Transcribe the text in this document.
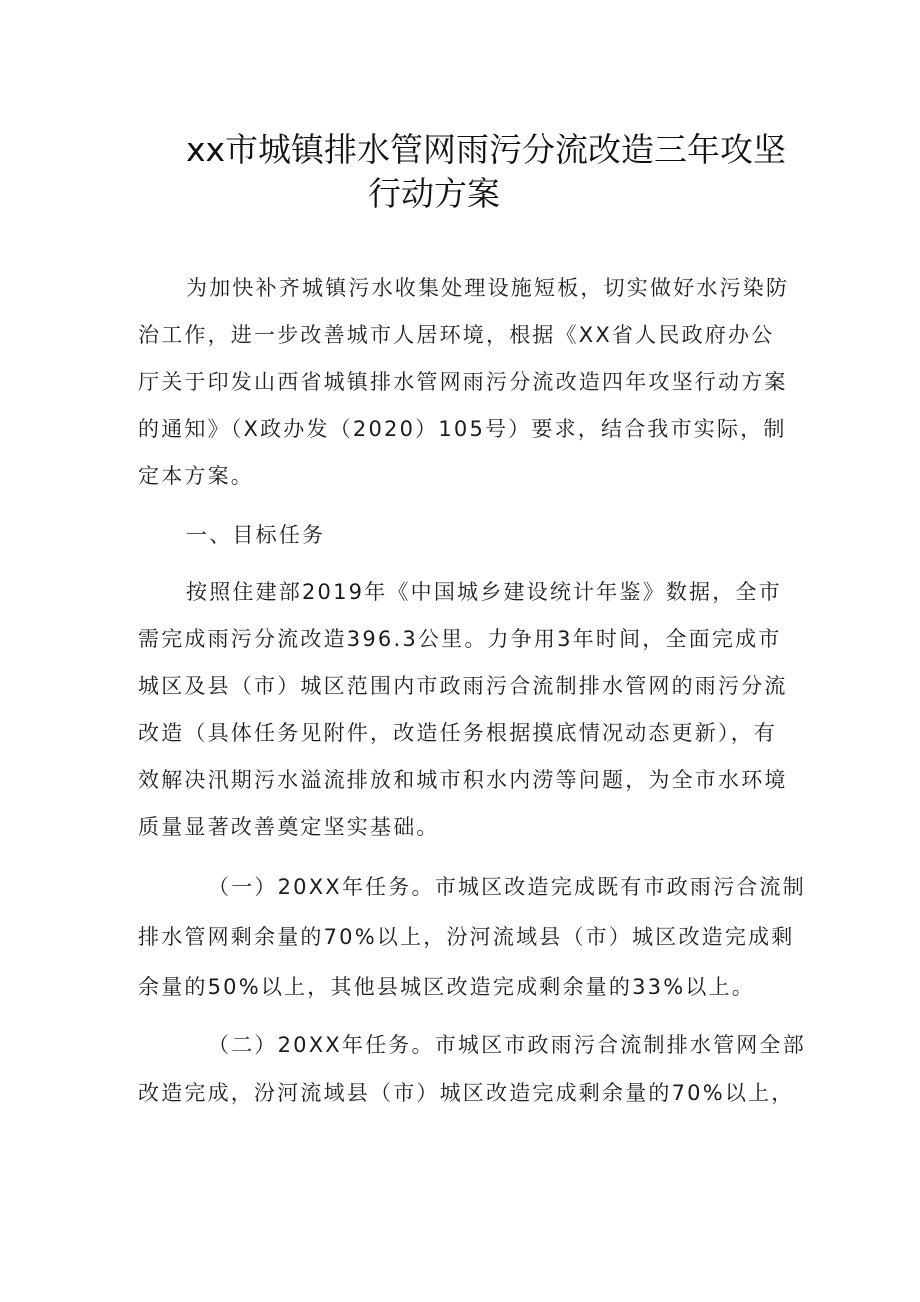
xx市城镇排水管网雨污分流改造三年攻坚
行动方案
为加快补齐城镇污水收集处理设施短板，切实做好水污染防
治工作，进一步改善城市人居环境，根据《XX省人民政府办公
厅关于印发山西省城镇排水管网雨污分流改造四年攻坚行动方案
的通知》（X政办发（2020）105号）要求，结合我市实际，制
定本方案。
一、目标任务
按照住建部2019年《中国城乡建设统计年鉴》数据，全市
需完成雨污分流改造396.3公里。力争用3年时间，全面完成市
城区及县（市）城区范围内市政雨污合流制排水管网的雨污分流
改造（具体任务见附件，改造任务根据摸底情况动态更新），有
效解决汛期污水溢流排放和城市积水内涝等问题，为全市水环境
质量显著改善奠定坚实基础。
（一）20XX年任务。市城区改造完成既有市政雨污合流制
排水管网剩余量的70%以上，汾河流域县（市）城区改造完成剩
余量的50%以上，其他县城区改造完成剩余量的33%以上。
（二）20XX年任务。市城区市政雨污合流制排水管网全部
改造完成，汾河流域县（市）城区改造完成剩余量的70%以上，
